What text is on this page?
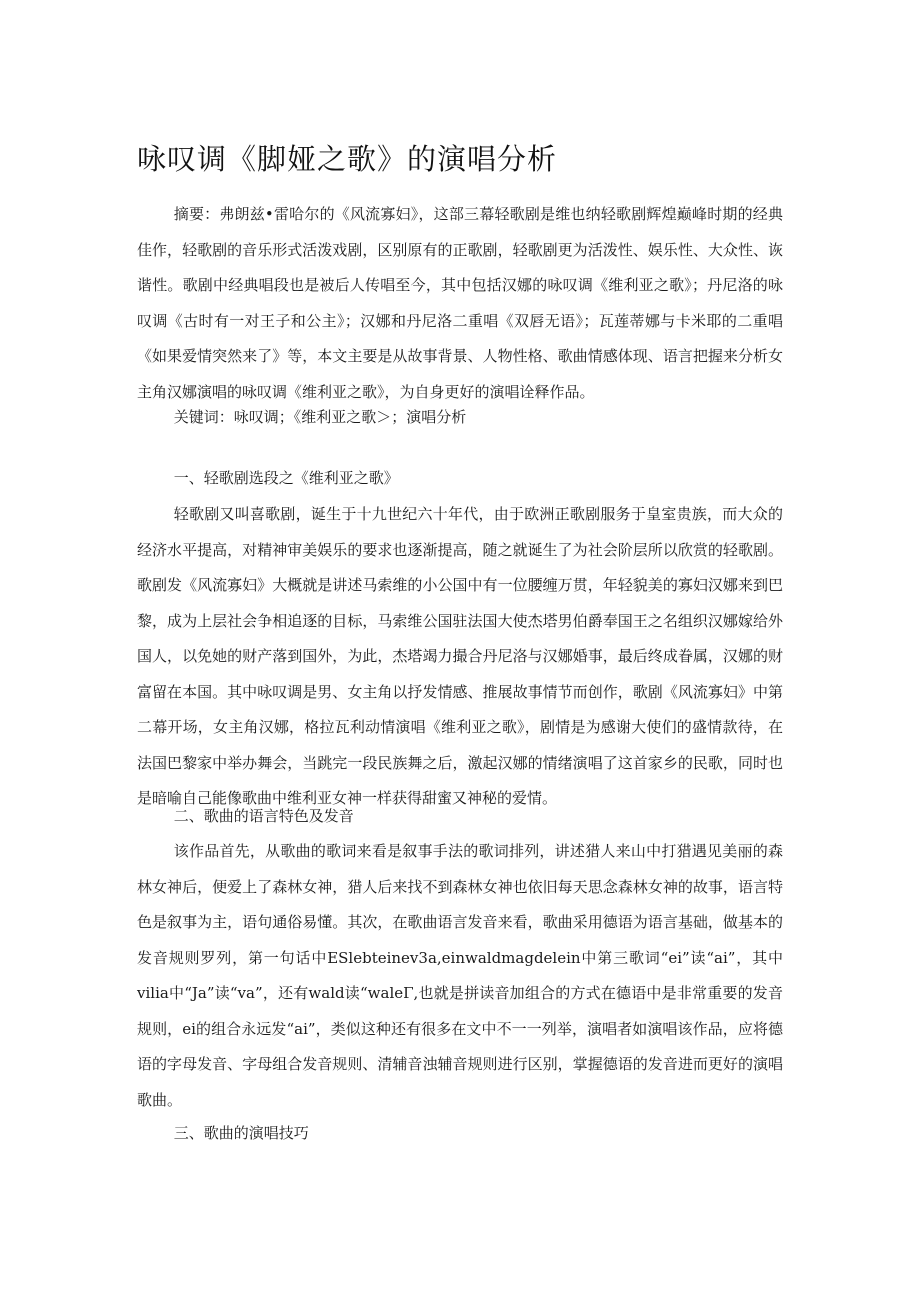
咏叹调《脚娅之歌》的演唱分析

摘要：弗朗兹•雷哈尔的《风流寡妇》，这部三幕轻歌剧是维也纳轻歌剧辉煌巅峰时期的经典佳作，轻歌剧的音乐形式活泼戏剧，区别原有的正歌剧，轻歌剧更为活泼性、娱乐性、大众性、诙谐性。歌剧中经典唱段也是被后人传唱至今，其中包括汉娜的咏叹调《维利亚之歌》；丹尼洛的咏叹调《古时有一对王子和公主》；汉娜和丹尼洛二重唱《双唇无语》；瓦莲蒂娜与卡米耶的二重唱《如果爱情突然来了》等，本文主要是从故事背景、人物性格、歌曲情感体现、语言把握来分析女主角汉娜演唱的咏叹调《维利亚之歌》，为自身更好的演唱诠释作品。

关键词：咏叹调；《维利亚之歌＞；演唱分析

一、轻歌剧选段之《维利亚之歌》

轻歌剧又叫喜歌剧，诞生于十九世纪六十年代，由于欧洲正歌剧服务于皇室贵族，而大众的经济水平提高，对精神审美娱乐的要求也逐渐提高，随之就诞生了为社会阶层所以欣赏的轻歌剧。歌剧发《风流寡妇》大概就是讲述马索维的小公国中有一位腰缠万贯，年轻貌美的寡妇汉娜来到巴黎，成为上层社会争相追逐的目标，马索维公国驻法国大使杰塔男伯爵奉国王之名组织汉娜嫁给外国人，以免她的财产落到国外，为此，杰塔竭力撮合丹尼洛与汉娜婚事，最后终成眷属，汉娜的财富留在本国。其中咏叹调是男、女主角以抒发情感、推展故事情节而创作，歌剧《风流寡妇》中第二幕开场，女主角汉娜，格拉瓦利动情演唱《维利亚之歌》，剧情是为感谢大使们的盛情款待，在法国巴黎家中举办舞会，当跳完一段民族舞之后，激起汉娜的情绪演唱了这首家乡的民歌，同时也是暗喻自己能像歌曲中维利亚女神一样获得甜蜜又神秘的爱情。

二、歌曲的语言特色及发音

该作品首先，从歌曲的歌词来看是叙事手法的歌词排列，讲述猎人来山中打猎遇见美丽的森林女神后，便爱上了森林女神，猎人后来找不到森林女神也依旧每天思念森林女神的故事，语言特色是叙事为主，语句通俗易懂。其次，在歌曲语言发音来看，歌曲采用德语为语言基础，做基本的发音规则罗列，第一句话中ESlebteinev3a,einwaldmagdelein中第三歌词“ei”读“ai”，其中vilia中“Ja”读“va”，还有wald读“waleΓ,也就是拼读音加组合的方式在德语中是非常重要的发音规则，ei的组合永远发“ai”，类似这种还有很多在文中不一一列举，演唱者如演唱该作品，应将德语的字母发音、字母组合发音规则、清辅音浊辅音规则进行区别，掌握德语的发音进而更好的演唱歌曲。

三、歌曲的演唱技巧
